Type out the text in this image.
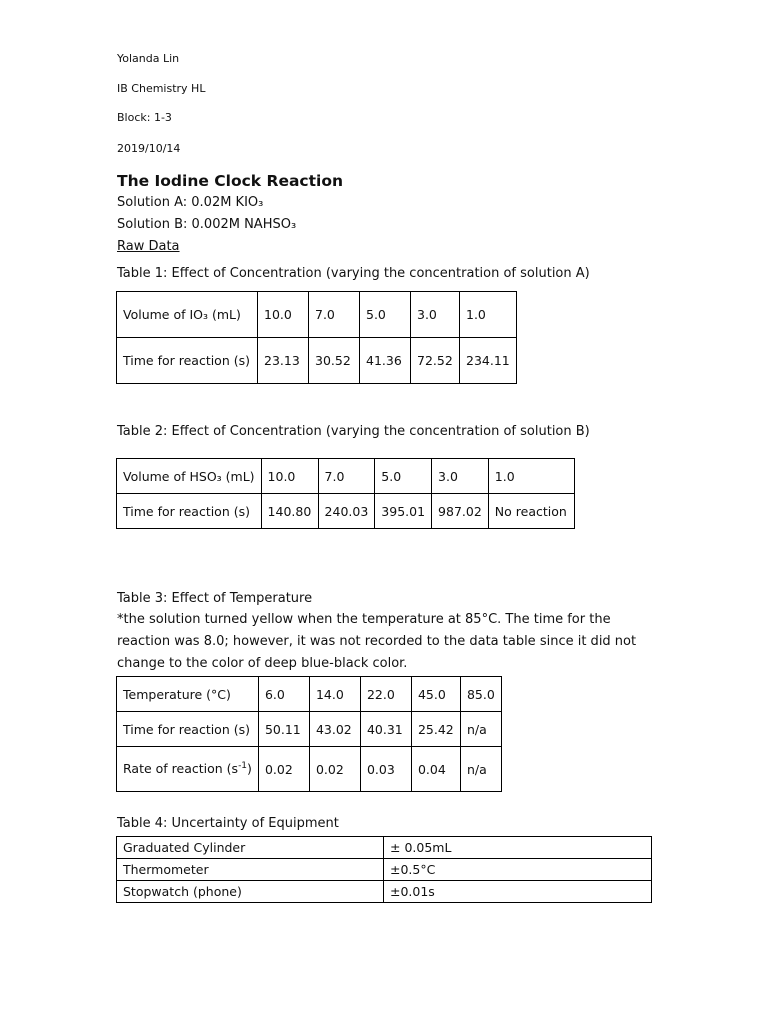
Yolanda Lin
IB Chemistry HL
Block: 1-3
2019/10/14
The Iodine Clock Reaction
Solution A: 0.02M KIO₃
Solution B: 0.002M NAHSO₃
Raw Data
Table 1: Effect of Concentration (varying the concentration of solution A)
Volume of IO₃ (mL)	10.0	7.0	5.0	3.0	1.0
Time for reaction (s)	23.13	30.52	41.36	72.52	234.11
Table 2: Effect of Concentration (varying the concentration of solution B)
Volume of HSO₃ (mL)	10.0	7.0	5.0	3.0	1.0
Time for reaction (s)	140.80	240.03	395.01	987.02	No reaction
Table 3: Effect of Temperature
*the solution turned yellow when the temperature at 85°C. The time for the reaction was 8.0; however, it was not recorded to the data table since it did not change to the color of deep blue-black color.
Temperature (°C)	6.0	14.0	22.0	45.0	85.0
Time for reaction (s)	50.11	43.02	40.31	25.42	n/a
Rate of reaction $(s^{-1})$	0.02	0.02	0.03	0.04	n/a
Table 4: Uncertainty of Equipment
Graduated Cylinder	± 0.05mL
Thermometer	±0.5°C
Stopwatch (phone)	±0.01s
